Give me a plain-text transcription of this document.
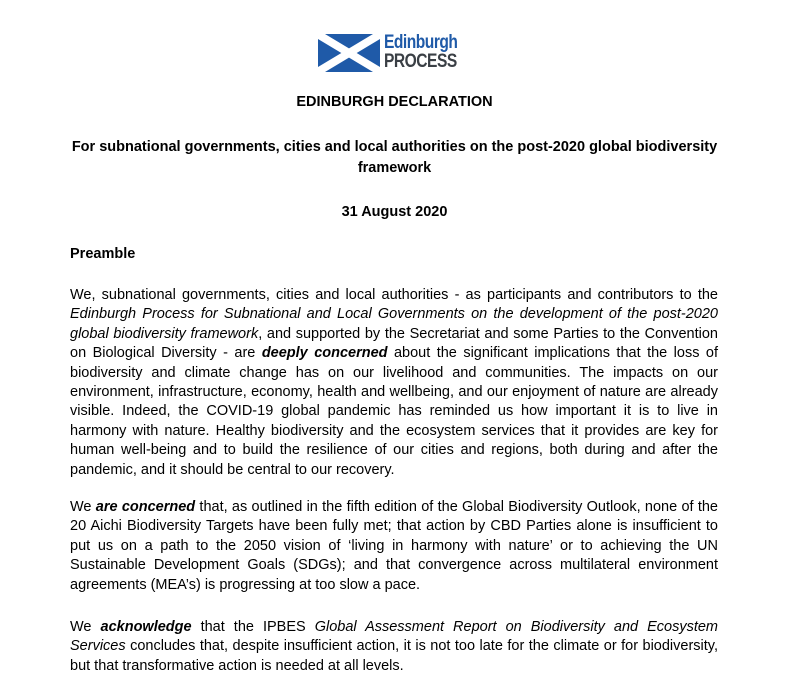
Edinburgh
PROCESS
EDINBURGH DECLARATION
For subnational governments, cities and local authorities on the post-2020 global biodiversity framework
31 August 2020
Preamble
We, subnational governments, cities and local authorities - as participants and contributors to the Edinburgh Process for Subnational and Local Governments on the development of the post-2020 global biodiversity framework, and supported by the Secretariat and some Parties to the Convention on Biological Diversity - are deeply concerned about the significant implications that the loss of biodiversity and climate change has on our livelihood and communities. The impacts on our environment, infrastructure, economy, health and wellbeing, and our enjoyment of nature are already visible. Indeed, the COVID-19 global pandemic has reminded us how important it is to live in harmony with nature. Healthy biodiversity and the ecosystem services that it provides are key for human well-being and to build the resilience of our cities and regions, both during and after the pandemic, and it should be central to our recovery.
We are concerned that, as outlined in the fifth edition of the Global Biodiversity Outlook, none of the 20 Aichi Biodiversity Targets have been fully met; that action by CBD Parties alone is insufficient to put us on a path to the 2050 vision of ‘living in harmony with nature’ or to achieving the UN Sustainable Development Goals (SDGs); and that convergence across multilateral environment agreements (MEA’s) is progressing at too slow a pace.
We acknowledge that the IPBES Global Assessment Report on Biodiversity and Ecosystem Services concludes that, despite insufficient action, it is not too late for the climate or for biodiversity, but that transformative action is needed at all levels.
